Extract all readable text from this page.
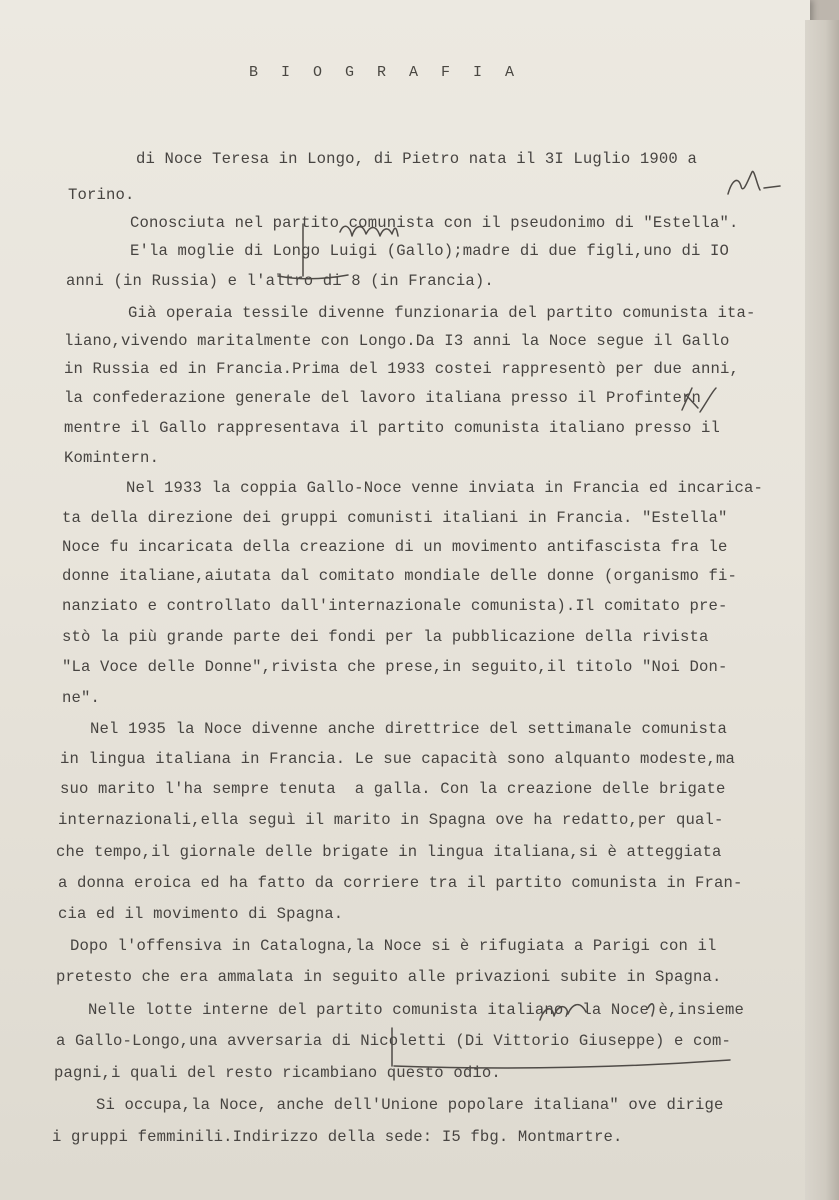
B I O G R A F I A

di Noce Teresa in Longo, di Pietro nata il 3I Luglio 1900 a

Torino.

Conosciuta nel partito comunista con il pseudonimo di "Estella".

E'la moglie di Longo Luigi (Gallo);madre di due figli,uno di IO

anni (in Russia) e l'altro di 8 (in Francia).

Già operaia tessile divenne funzionaria del partito comunista ita-

liano,vivendo maritalmente con Longo.Da I3 anni la Noce segue il Gallo

in Russia ed in Francia.Prima del 1933 costei rappresentò per due anni,

la confederazione generale del lavoro italiana presso il Profintern

mentre il Gallo rappresentava il partito comunista italiano presso il

Komintern.

Nel 1933 la coppia Gallo-Noce venne inviata in Francia ed incarica-

ta della direzione dei gruppi comunisti italiani in Francia. "Estella"

Noce fu incaricata della creazione di un movimento antifascista fra le

donne italiane,aiutata dal comitato mondiale delle donne (organismo fi-

nanziato e controllato dall'internazionale comunista).Il comitato pre-

stò la più grande parte dei fondi per la pubblicazione della rivista

"La Voce delle Donne",rivista che prese,in seguito,il titolo "Noi Don-

ne".

Nel 1935 la Noce divenne anche direttrice del settimanale comunista

in lingua italiana in Francia. Le sue capacità sono alquanto modeste,ma

suo marito l'ha sempre tenuta  a galla. Con la creazione delle brigate

internazionali,ella seguì il marito in Spagna ove ha redatto,per qual-

che tempo,il giornale delle brigate in lingua italiana,si è atteggiata

a donna eroica ed ha fatto da corriere tra il partito comunista in Fran-

cia ed il movimento di Spagna.

Dopo l'offensiva in Catalogna,la Noce si è rifugiata a Parigi con il

pretesto che era ammalata in seguito alle privazioni subite in Spagna.

Nelle lotte interne del partito comunista italiano, la Noce è,insieme

a Gallo-Longo,una avversaria di Nicoletti (Di Vittorio Giuseppe) e com-

pagni,i quali del resto ricambiano questo odio.

Si occupa,la Noce, anche dell'Unione popolare italiana" ove dirige

i gruppi femminili.Indirizzo della sede: I5 fbg. Montmartre.
